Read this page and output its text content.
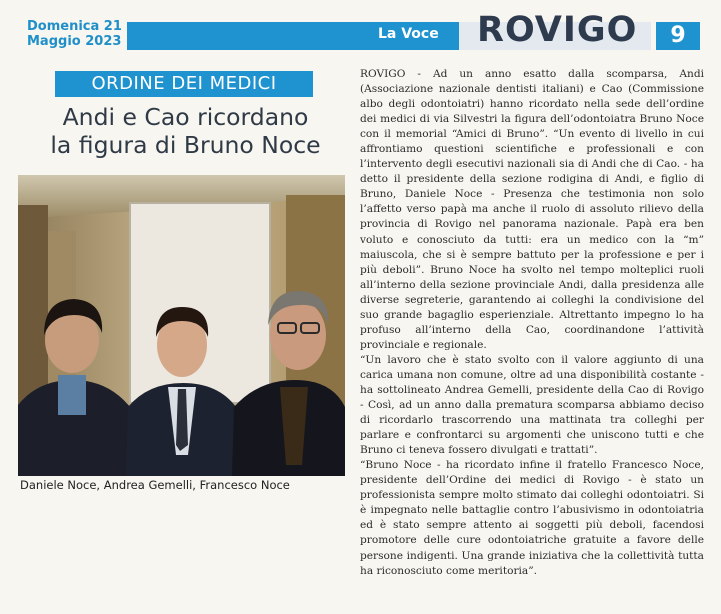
Domenica 21
Maggio 2023	La Voce ROVIGO	9
ORDINE DEI MEDICI
Andi e Cao ricordano
la figura di Bruno Noce
Daniele Noce, Andrea Gemelli, Francesco Noce

ROVIGO - Ad un anno esatto dalla scomparsa, Andi (Associazione nazionale dentisti italiani) e Cao (Commissione albo degli odontoiatri) hanno ricordato nella sede dell’ordine dei medici di via Silvestri la figura dell’odontoiatra Bruno Noce con il memorial “Amici di Bruno”. “Un evento di livello in cui affrontiamo questioni scientifiche e professionali e con l’intervento degli esecutivi nazionali sia di Andi che di Cao. - ha detto il presidente della sezione rodigina di Andi, e figlio di Bruno, Daniele Noce - Presenza che testimonia non solo l’affetto verso papà ma anche il ruolo di assoluto rilievo della provincia di Rovigo nel panorama nazionale. Papà era ben voluto e conosciuto da tutti: era un medico con la “m” maiuscola, che si è sempre battuto per la professione e per i più deboli”. Bruno Noce ha svolto nel tempo molteplici ruoli all’interno della sezione provinciale Andi, dalla presidenza alle diverse segreterie, garantendo ai colleghi la condivisione del suo grande bagaglio esperienziale. Altrettanto impegno lo ha profuso all’interno della Cao, coordinandone l’attività provinciale e regionale.

“Un lavoro che è stato svolto con il valore aggiunto di una carica umana non comune, oltre ad una disponibilità costante - ha sottolineato Andrea Gemelli, presidente della Cao di Rovigo - Così, ad un anno dalla prematura scomparsa abbiamo deciso di ricordarlo trascorrendo una mattinata tra colleghi per parlare e confrontarci su argomenti che uniscono tutti e che Bruno ci teneva fossero divulgati e trattati”.

“Bruno Noce - ha ricordato infine il fratello Francesco Noce, presidente dell’Ordine dei medici di Rovigo - è stato un professionista sempre molto stimato dai colleghi odontoiatri. Si è impegnato nelle battaglie contro l’abusivismo in odontoiatria ed è stato sempre attento ai soggetti più deboli, facendosi promotore delle cure odontoiatriche gratuite a favore delle persone indigenti. Una grande iniziativa che la collettività tutta ha riconosciuto come meritoria”.
